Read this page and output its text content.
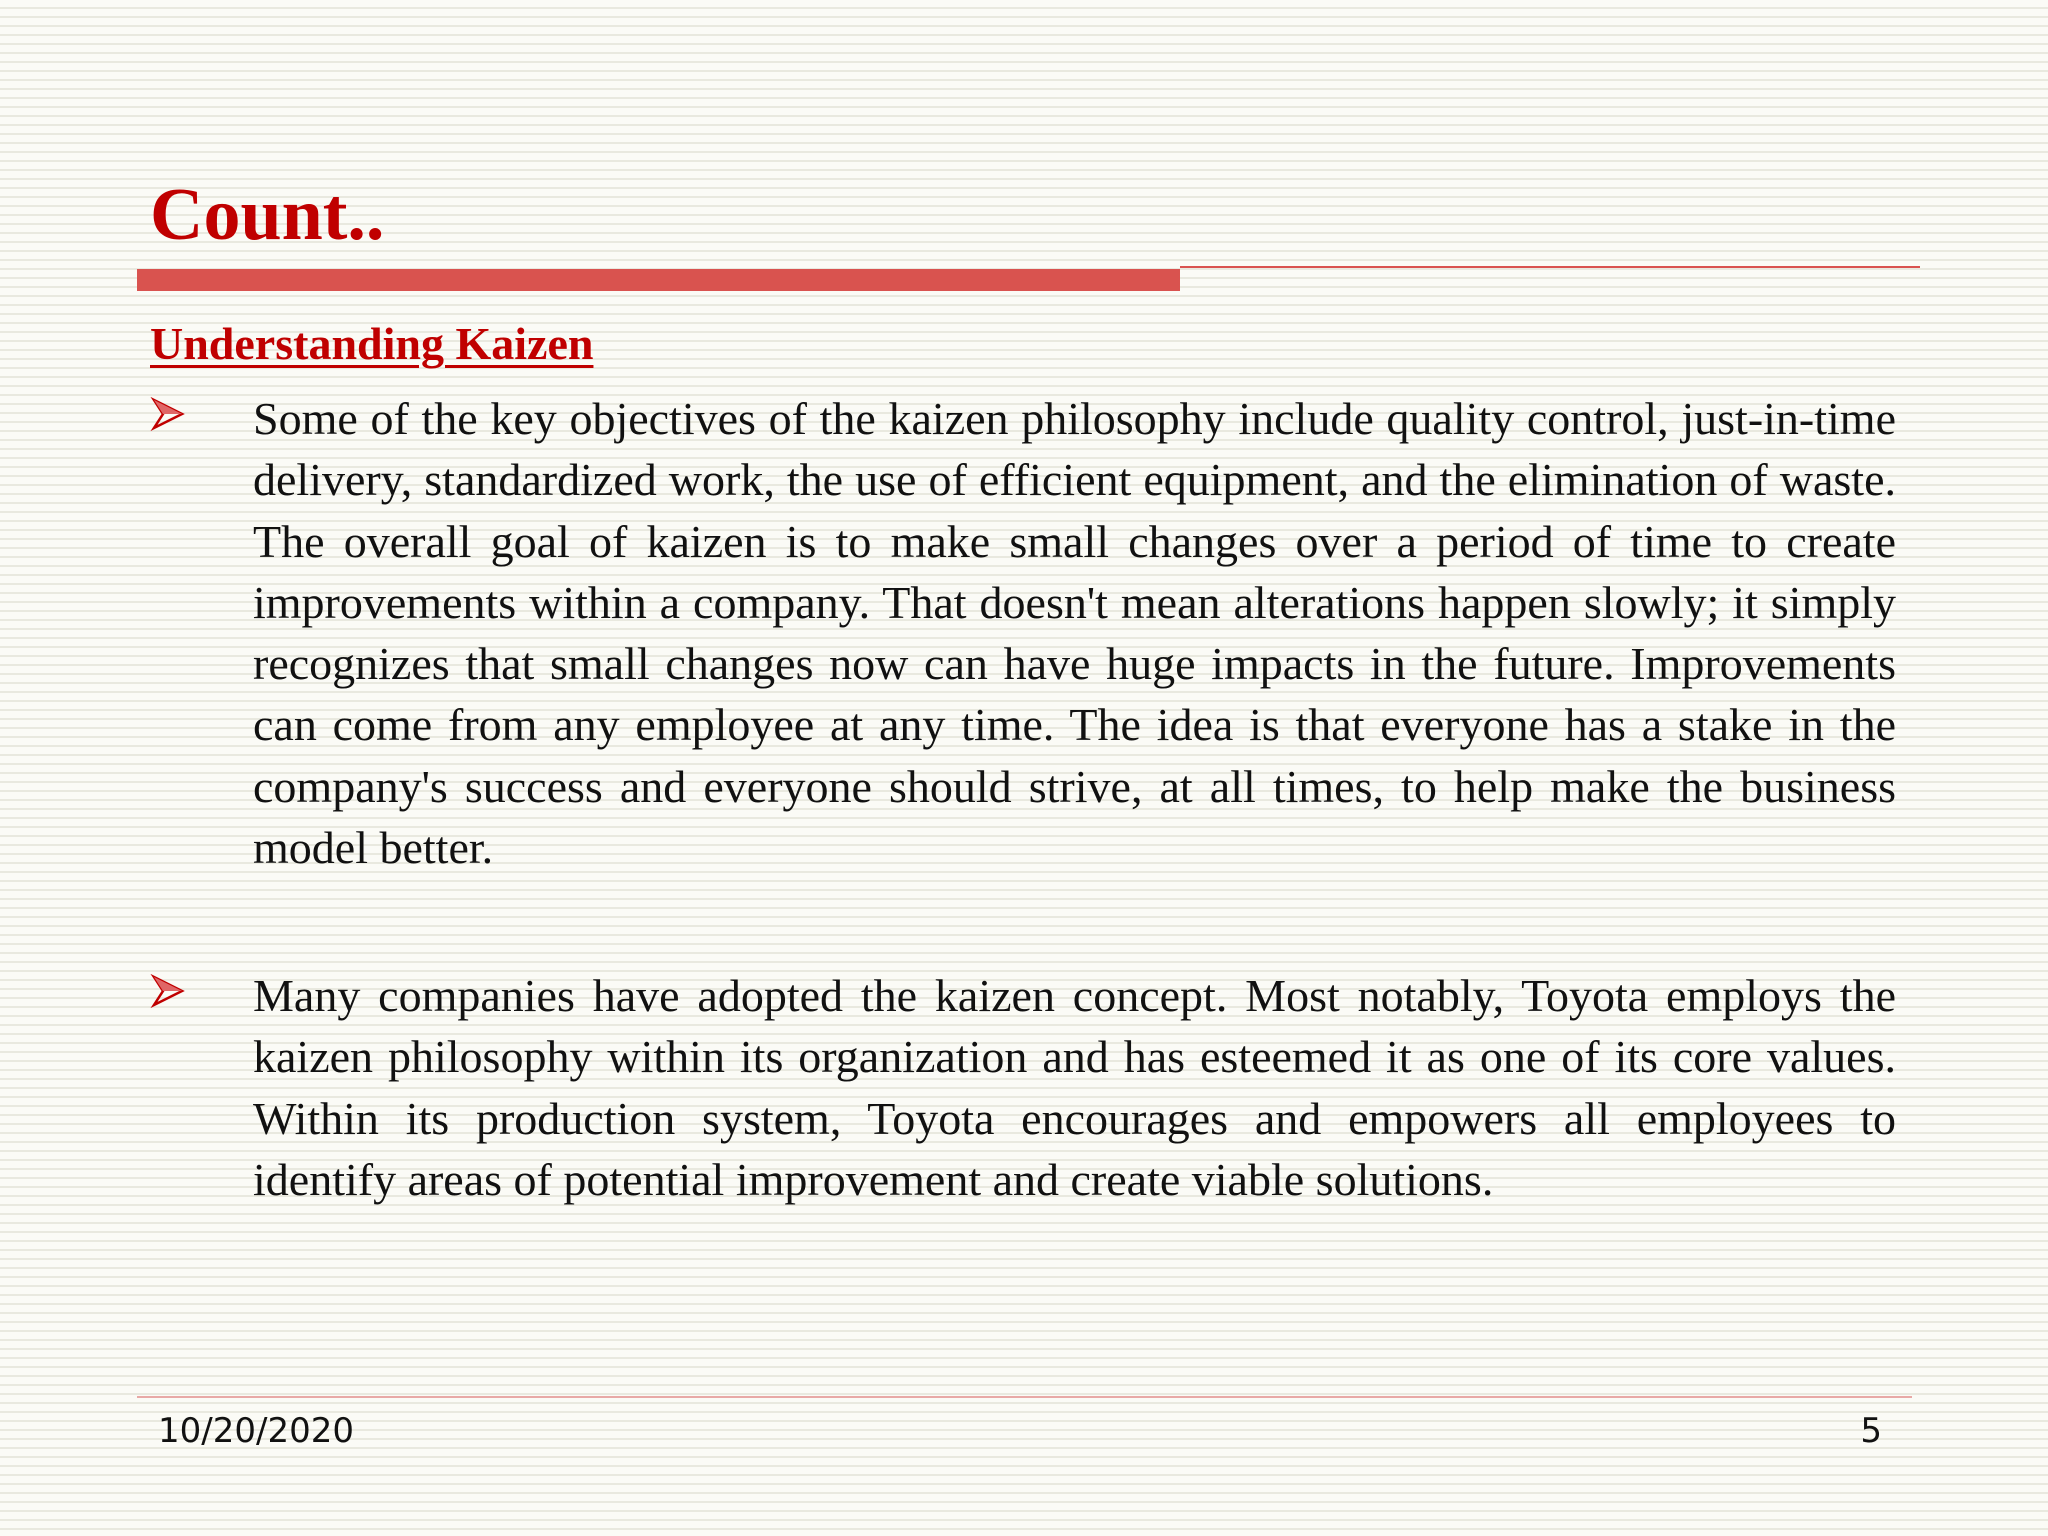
Count..
Understanding Kaizen

Some of the key objectives of the kaizen philosophy include quality control, just-in-time delivery, standardized work, the use of efficient equipment, and the elimination of waste. The overall goal of kaizen is to make small changes over a period of time to create improvements within a company. That doesn't mean alterations happen slowly; it simply recognizes that small changes now can have huge impacts in the future. Improvements can come from any employee at any time. The idea is that everyone has a stake in the company's success and everyone should strive, at all times, to help make the business model better.

Many companies have adopted the kaizen concept. Most notably, Toyota employs the kaizen philosophy within its organization and has esteemed it as one of its core values. Within its production system, Toyota encourages and empowers all employees to identify areas of potential improvement and create viable solutions.

10/20/2020	5
